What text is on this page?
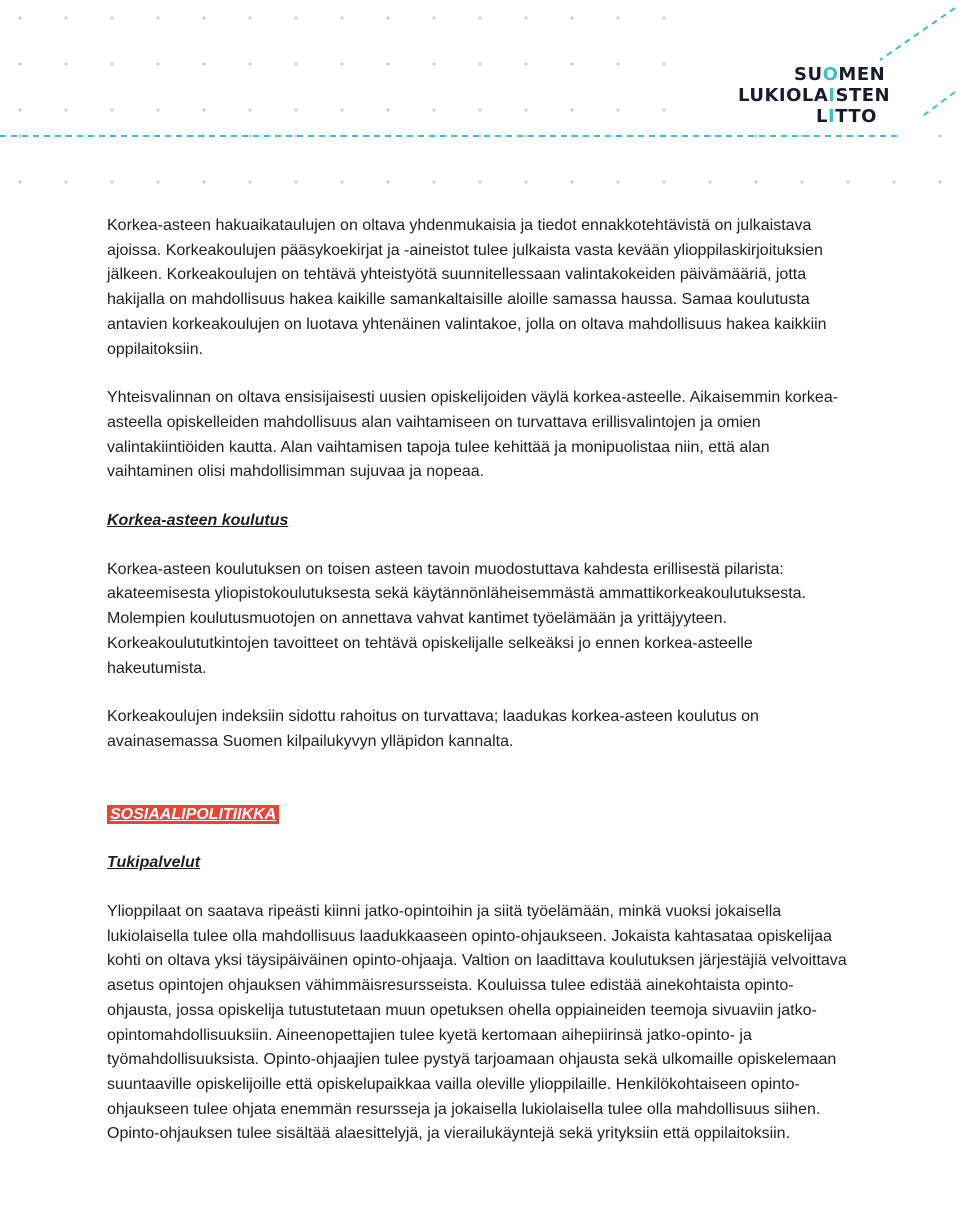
SUOMEN
LUKIOLAISTEN
LITTO

Korkea-asteen hakuaikataulujen on oltava yhdenmukaisia ja tiedot ennakkotehtävistä on julkaistava ajoissa. Korkeakoulujen pääsykoekirjat ja -aineistot tulee julkaista vasta kevään ylioppilaskirjoituksien jälkeen. Korkeakoulujen on tehtävä yhteistyötä suunnitellessaan valintakokeiden päivämääriä, jotta hakijalla on mahdollisuus hakea kaikille samankaltaisille aloille samassa haussa. Samaa koulutusta antavien korkeakoulujen on luotava yhtenäinen valintakoe, jolla on oltava mahdollisuus hakea kaikkiin oppilaitoksiin.

Yhteisvalinnan on oltava ensisijaisesti uusien opiskelijoiden väylä korkea-asteelle. Aikaisemmin korkea-asteella opiskelleiden mahdollisuus alan vaihtamiseen on turvattava erillisvalintojen ja omien valintakiintiöiden kautta. Alan vaihtamisen tapoja tulee kehittää ja monipuolistaa niin, että alan vaihtaminen olisi mahdollisimman sujuvaa ja nopeaa.

Korkea-asteen koulutus

Korkea-asteen koulutuksen on toisen asteen tavoin muodostuttava kahdesta erillisestä pilarista: akateemisesta yliopistokoulutuksesta sekä käytännönläheisemmästä ammattikorkeakoulutuksesta. Molempien koulutusmuotojen on annettava vahvat kantimet työelämään ja yrittäjyyteen. Korkeakoulututkintojen tavoitteet on tehtävä opiskelijalle selkeäksi jo ennen korkea-asteelle hakeutumista.

Korkeakoulujen indeksiin sidottu rahoitus on turvattava; laadukas korkea-asteen koulutus on avainasemassa Suomen kilpailukyvyn ylläpidon kannalta.

SOSIAALIPOLITIIKKA

Tukipalvelut

Ylioppilaat on saatava ripeästi kiinni jatko-opintoihin ja siitä työelämään, minkä vuoksi jokaisella lukiolaisella tulee olla mahdollisuus laadukkaaseen opinto-ohjaukseen. Jokaista kahtasataa opiskelijaa kohti on oltava yksi täysipäiväinen opinto-ohjaaja. Valtion on laadittava koulutuksen järjestäjiä velvoittava asetus opintojen ohjauksen vähimmäisresursseista. Kouluissa tulee edistää ainekohtaista opinto-ohjausta, jossa opiskelija tutustutetaan muun opetuksen ohella oppiaineiden teemoja sivuaviin jatko-opintomahdollisuuksiin. Aineenopettajien tulee kyetä kertomaan aihepiirinsä jatko-opinto- ja työmahdollisuuksista. Opinto-ohjaajien tulee pystyä tarjoamaan ohjausta sekä ulkomaille opiskelemaan suuntaaville opiskelijoille että opiskelupaikkaa vailla oleville ylioppilaille. Henkilökohtaiseen opinto-ohjaukseen tulee ohjata enemmän resursseja ja jokaisella lukiolaisella tulee olla mahdollisuus siihen. Opinto-ohjauksen tulee sisältää alaesittelyjä, ja vierailukäyntejä sekä yrityksiin että oppilaitoksiin.
